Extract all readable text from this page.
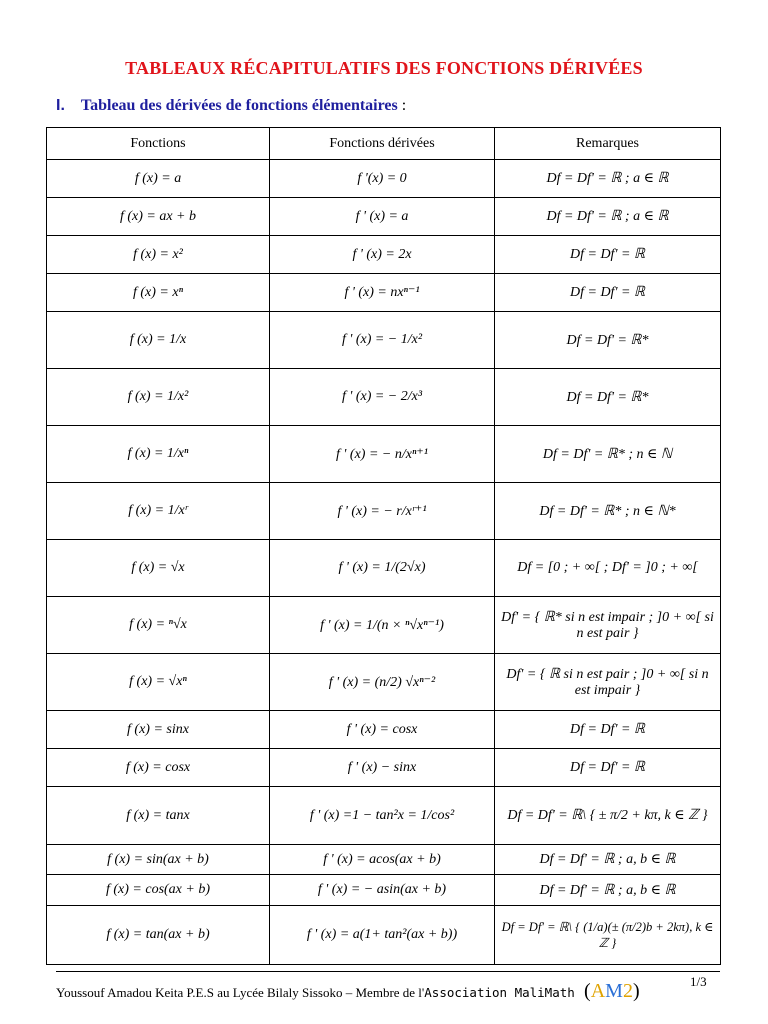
TABLEAUX RÉCAPITULATIFS DES FONCTIONS DÉRIVÉES
I. Tableau des dérivées de fonctions élémentaires :
Fonctions	Fonctions dérivées	Remarques
f (x) = a	f '(x) = 0	Df = Df' = ℝ ; a ∈ ℝ
f (x) = ax + b	f ' (x) = a	Df = Df' = ℝ ; a ∈ ℝ
f (x) = x²	f ' (x) = 2x	Df = Df' = ℝ
f (x) = xⁿ	f ' (x) = nxⁿ⁻¹	Df = Df' = ℝ
f (x) = 1/x	f ' (x) = − 1/x²	Df = Df' = ℝ*
f (x) = 1/x²	f ' (x) = − 2/x³	Df = Df' = ℝ*
f (x) = 1/xⁿ	f ' (x) = − n/xⁿ⁺¹	Df = Df' = ℝ* ; n ∈ ℕ
f (x) = 1/xʳ	f ' (x) = − r/xʳ⁺¹	Df = Df' = ℝ* ; n ∈ ℕ*
f (x) = √x	f ' (x) = 1/(2√x)	Df = [0 ; + ∞[ ; Df' = ]0 ; + ∞[
f (x) = ⁿ√x	f ' (x) = 1/(n × ⁿ√xⁿ⁻¹)	Df' = { ℝ* si n est impair ; ]0 + ∞[ si n est pair }
f (x) = √xⁿ	f ' (x) = (n/2) √xⁿ⁻²	Df' = { ℝ si n est pair ; ]0 + ∞[ si n est impair }
f (x) = sinx	f ' (x) = cosx	Df = Df' = ℝ
f (x) = cosx	f ' (x) − sinx	Df = Df' = ℝ
f (x) = tanx	f ' (x) =1 − tan²x = 1/cos²	Df = Df' = ℝ\ { ± π/2 + kπ, k ∈ ℤ }
f (x) = sin(ax + b)	f ' (x) = acos(ax + b)	Df = Df' = ℝ ; a, b ∈ ℝ
f (x) = cos(ax + b)	f ' (x) = − asin(ax + b)	Df = Df' = ℝ ; a, b ∈ ℝ
f (x) = tan(ax + b)	f ' (x) = a(1+ tan²(ax + b))	Df = Df' = ℝ\ { (1/a)(± (π/2)b + 2kπ), k ∈ ℤ }
Youssouf Amadou Keita P.E.S au Lycée Bilaly Sissoko – Membre de l'Association MaliMath (AM2)	1/3
